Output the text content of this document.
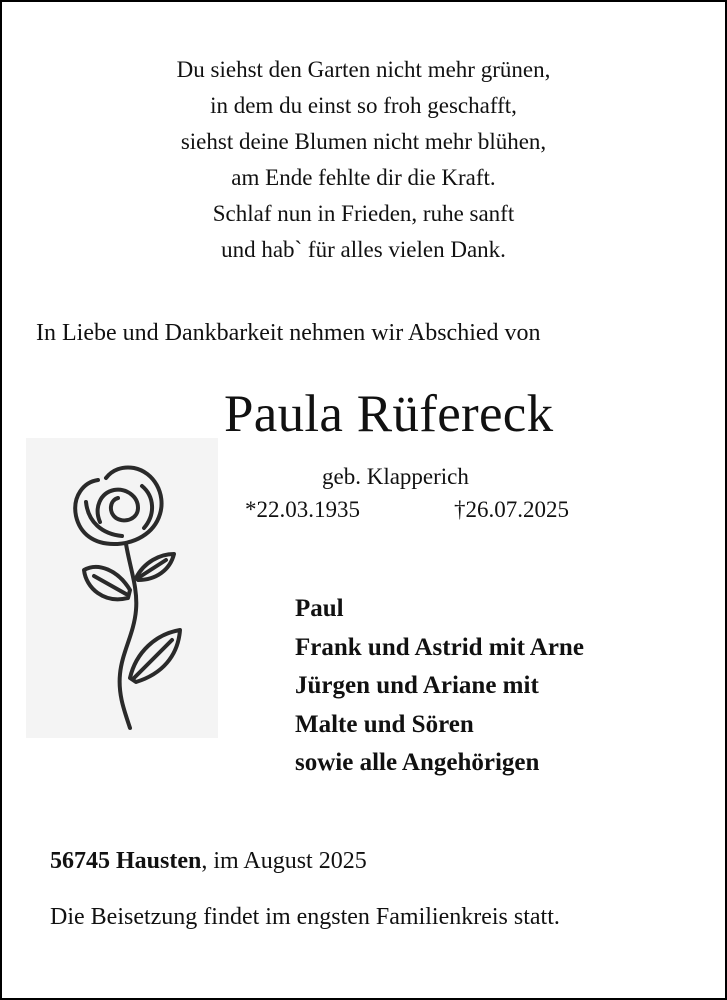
Du siehst den Garten nicht mehr grünen,
in dem du einst so froh geschafft,
siehst deine Blumen nicht mehr blühen,
am Ende fehlte dir die Kraft.
Schlaf nun in Frieden, ruhe sanft
und hab` für alles vielen Dank.
In Liebe und Dankbarkeit nehmen wir Abschied von
Paula Rüfereck
geb. Klapperich
*22.03.1935	†26.07.2025
Paul
Frank und Astrid mit Arne
Jürgen und Ariane mit
Malte und Sören
sowie alle Angehörigen
56745 Hausten, im August 2025
Die Beisetzung findet im engsten Familienkreis statt.
